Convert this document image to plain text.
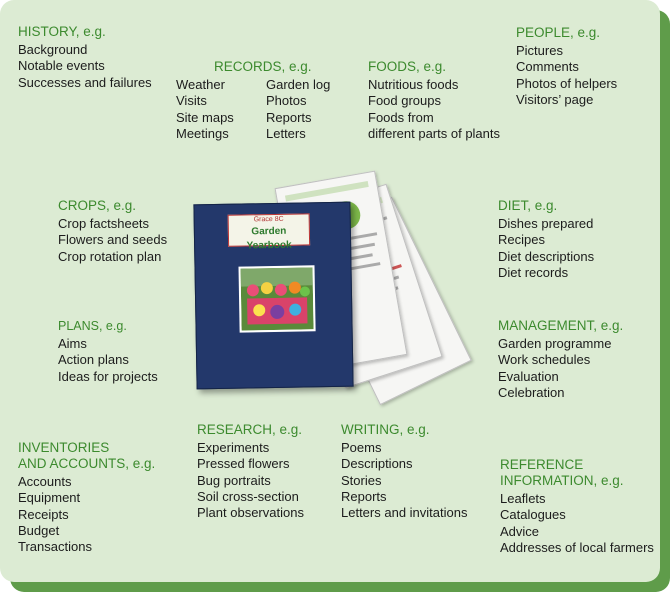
HISTORY, e.g.
Background
Notable events
Successes and failures
RECORDS, e.g.
Weather
Visits
Site maps
Meetings
Garden log
Photos
Reports
Letters
FOODS, e.g.
Nutritious foods
Food groups
Foods from
different parts of plants
PEOPLE, e.g.
Pictures
Comments
Photos of helpers
Visitors’ page
CROPS, e.g.
Crop factsheets
Flowers and seeds
Crop rotation plan
DIET, e.g.
Dishes prepared
Recipes
Diet descriptions
Diet records
PLANS, e.g.
Aims
Action plans
Ideas for projects
MANAGEMENT, e.g.
Garden programme
Work schedules
Evaluation
Celebration
INVENTORIES
AND ACCOUNTS, e.g.
Accounts
Equipment
Receipts
Budget
Transactions
RESEARCH, e.g.
Experiments
Pressed flowers
Bug portraits
Soil cross-section
Plant observations
WRITING, e.g.
Poems
Descriptions
Stories
Reports
Letters and invitations
REFERENCE
INFORMATION, e.g.
Leaflets
Catalogues
Advice
Addresses of local farmers
Grace 8C
Garden Yearbook
